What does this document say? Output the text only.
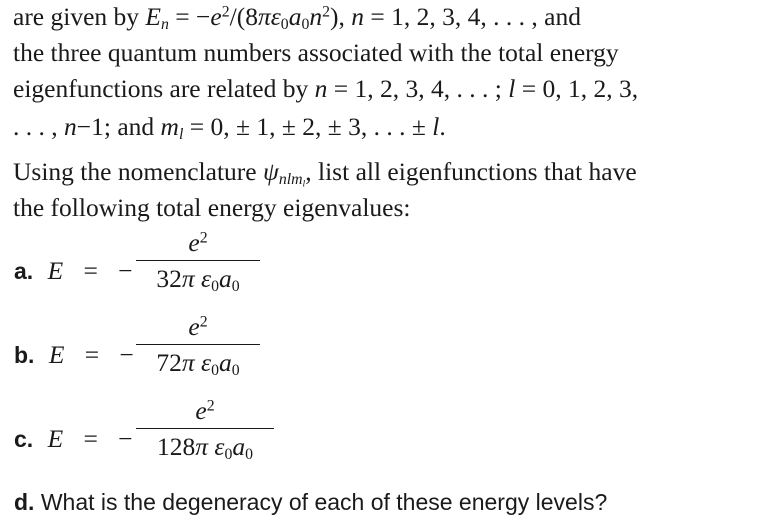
are given by $E_n = -e^2/(8\pi\varepsilon_0a_0n^2)$, n = 1, 2, 3, 4, . . . , and
the three quantum numbers associated with the total energy
eigenfunctions are related by n = 1, 2, 3, 4, . . . ; l = 0, 1, 2, 3,
. . . , n−1; and $m_l = 0$, ± 1, ± 2, ± 3, . . . ± l.
Using the nomenclature $\psi_{nlm_l}$, list all eigenfunctions that have
the following total energy eigenvalues:
a. E = −
$e^2$
32π $\varepsilon_0a_0$
b. E = −
$e^2$
72π $\varepsilon_0a_0$
c. E = −
$e^2$
128π $\varepsilon_0a_0$
d. What is the degeneracy of each of these energy levels?
